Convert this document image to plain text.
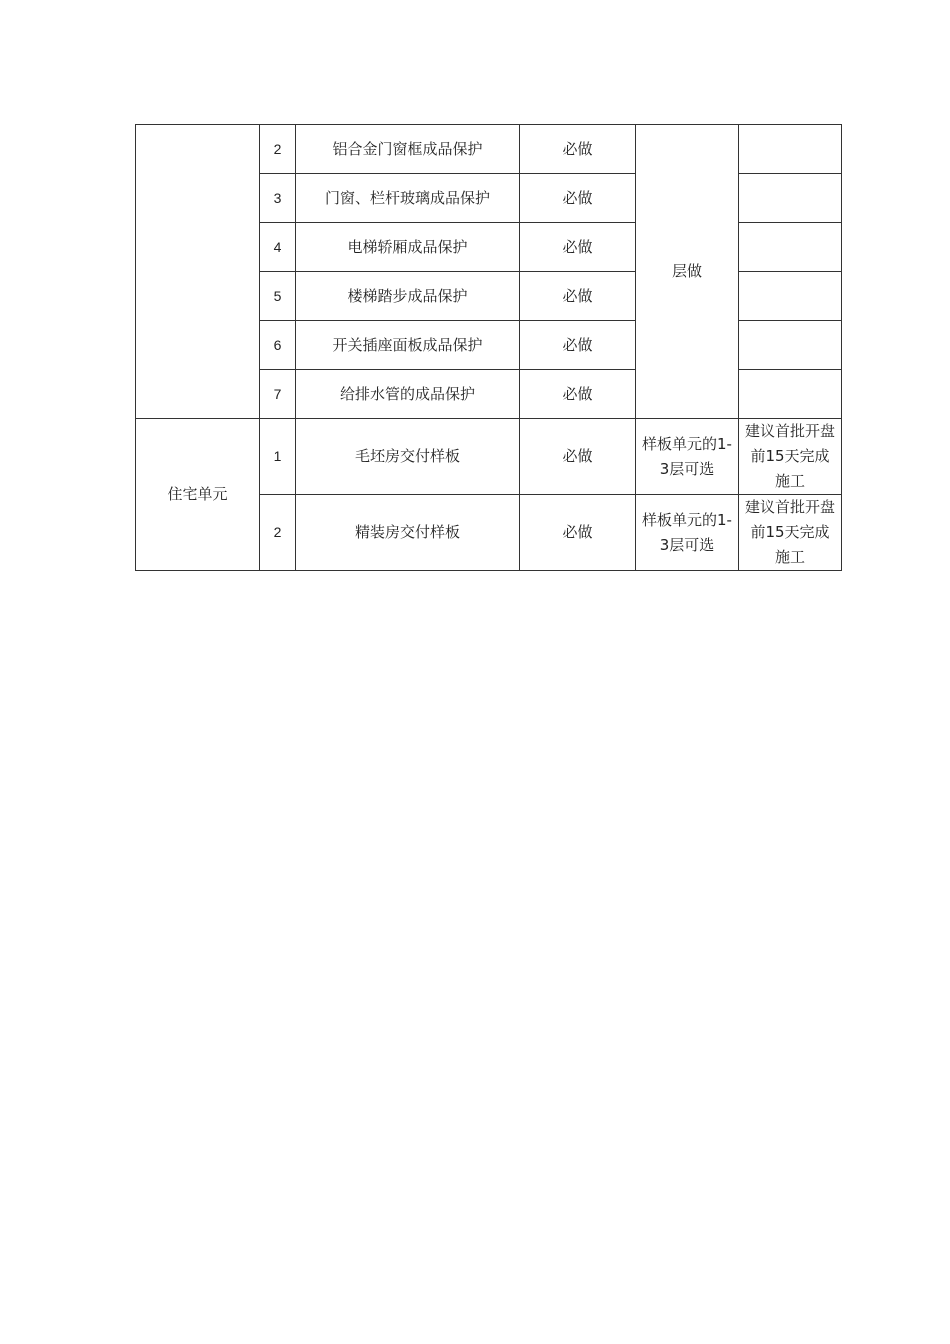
	2	铝合金门窗框成品保护	必做	层做	
	3	门窗、栏杆玻璃成品保护	必做		
	4	电梯轿厢成品保护	必做		
	5	楼梯踏步成品保护	必做		
	6	开关插座面板成品保护	必做		
	7	给排水管的成品保护	必做		
住宅单元	1	毛坯房交付样板	必做	样板单元的1-3层可选	建议首批开盘前15天完成施工
	2	精装房交付样板	必做	样板单元的1-3层可选	建议首批开盘前15天完成施工
